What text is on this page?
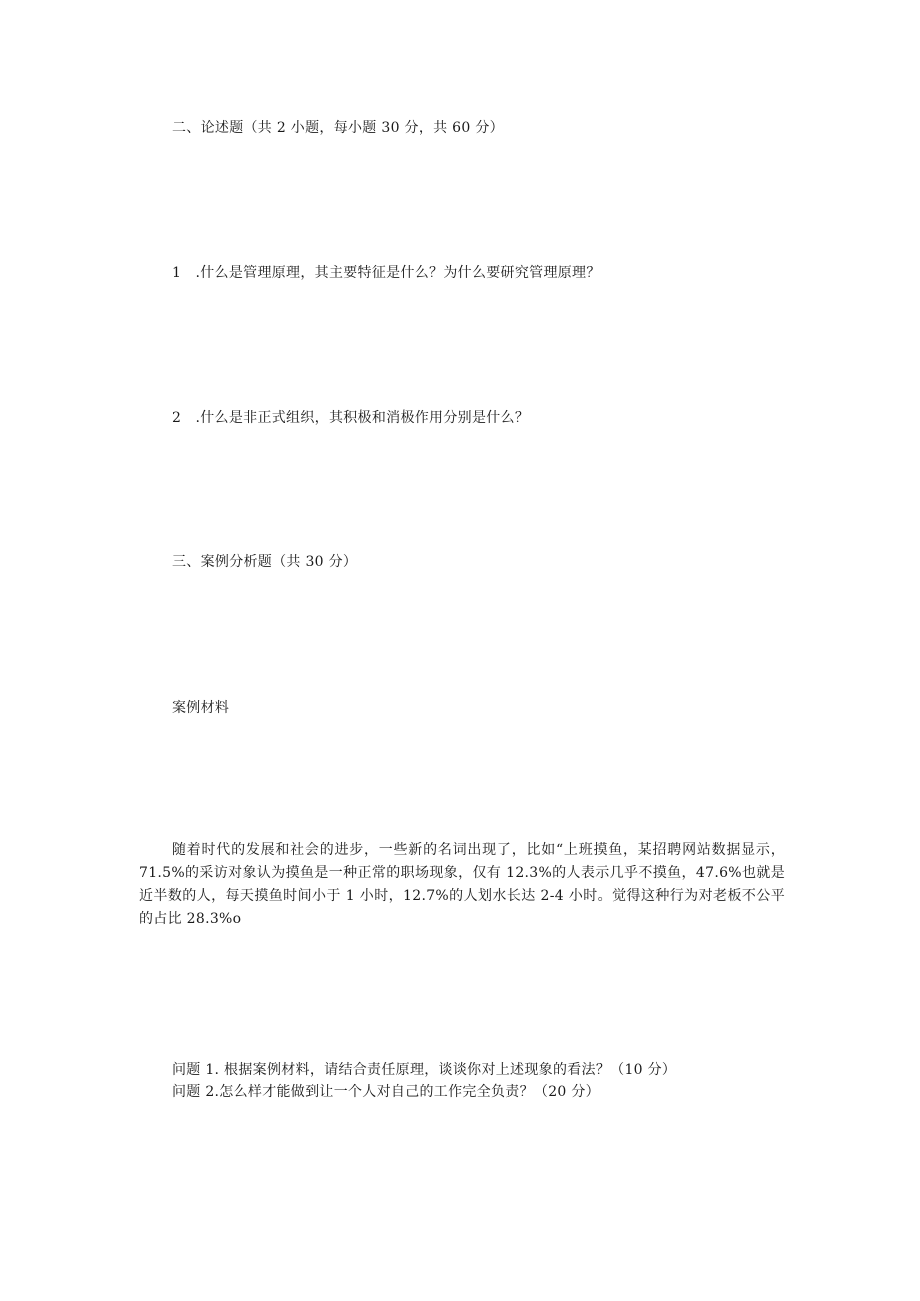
二、论述题（共 2 小题，每小题 30 分，共 60 分）
1　.什么是管理原理，其主要特征是什么？为什么要研究管理原理？
2　.什么是非正式组织，其积极和消极作用分别是什么？
三、案例分析题（共 30 分）
案例材料
随着时代的发展和社会的进步，一些新的名词出现了，比如“上班摸鱼，某招聘网站数据显示，71.5%的采访对象认为摸鱼是一种正常的职场现象，仅有 12.3%的人表示几乎不摸鱼，47.6%也就是近半数的人，每天摸鱼时间小于 1 小时，12.7%的人划水长达 2-4 小时。觉得这种行为对老板不公平的占比 28.3%o
问题 1. 根据案例材料，请结合责任原理，谈谈你对上述现象的看法？（10 分）
问题 2.怎么样才能做到让一个人对自己的工作完全负责？（20 分）
